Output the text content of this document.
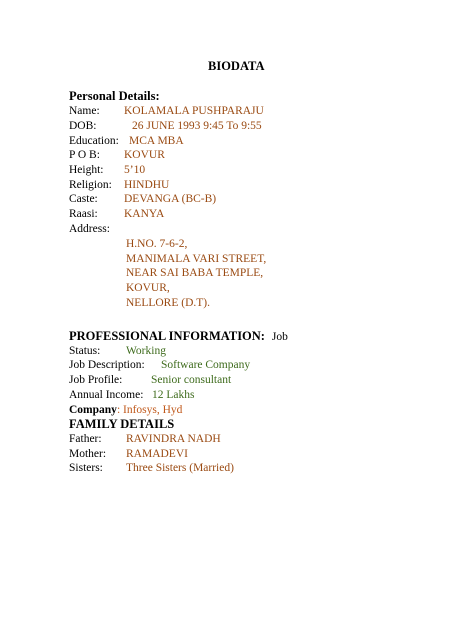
BIODATA
Personal Details:
Name: KOLAMALA PUSHPARAJU
DOB:	26 JUNE 1993 9:45 To 9:55
Education: MCA MBA
P O B: KOVUR
Height: 5’10
Religion: HINDHU
Caste: DEVANGA (BC-B)
Raasi: KANYA
Address:
H.NO. 7-6-2,
MANIMALA VARI STREET,
NEAR SAI BABA TEMPLE,
KOVUR,
NELLORE (D.T).
PROFESSIONAL INFORMATION: Job
Status: Working
Job Description: Software Company
Job Profile: Senior consultant
Annual Income: 12 Lakhs
Company: Infosys, Hyd
FAMILY DETAILS
Father: RAVINDRA NADH
Mother: RAMADEVI
Sisters: Three Sisters (Married)
